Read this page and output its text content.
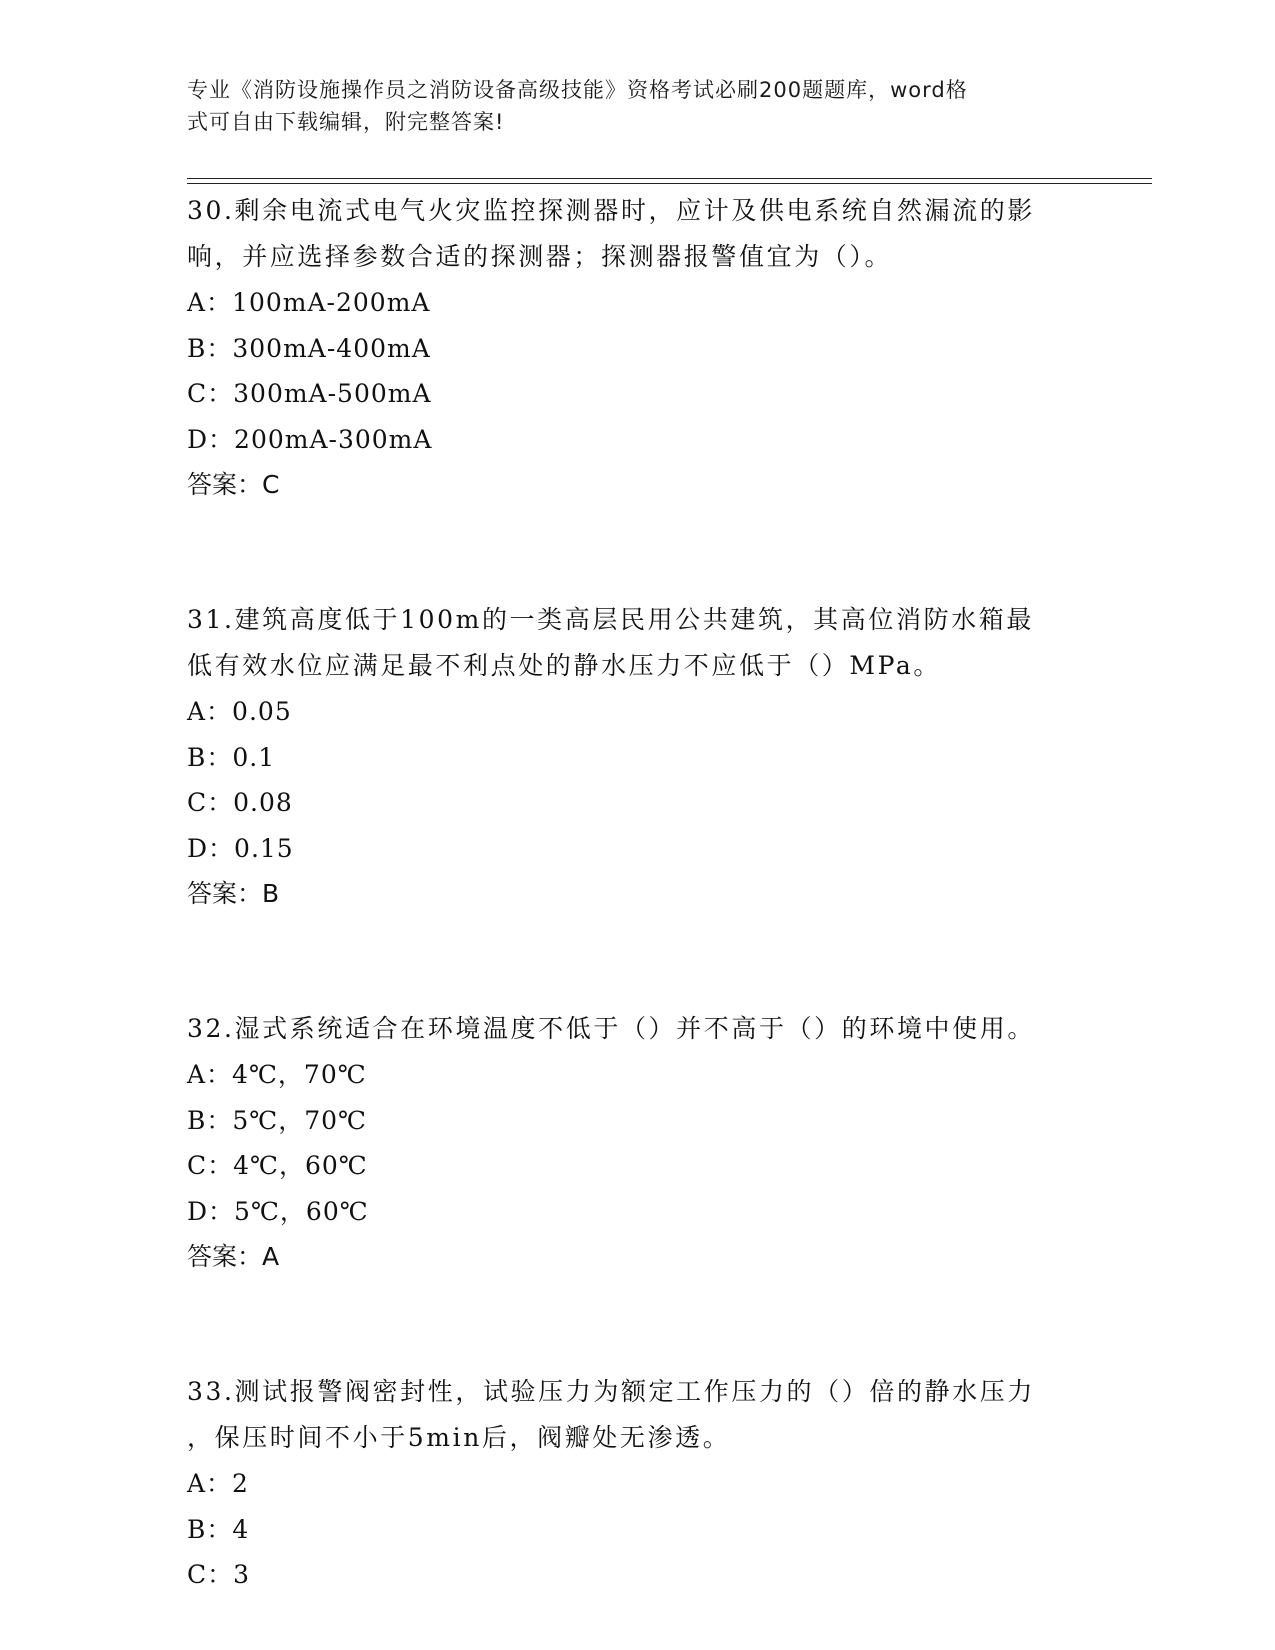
专业《消防设施操作员之消防设备高级技能》资格考试必刷200题题库，word格
式可自由下载编辑，附完整答案!

30.剩余电流式电气火灾监控探测器时，应计及供电系统自然漏流的影

响，并应选择参数合适的探测器；探测器报警值宜为（）。

A：100mA-200mA

B：300mA-400mA

C：300mA-500mA

D：200mA-300mA

答案：C

31.建筑高度低于100m的一类高层民用公共建筑，其高位消防水箱最

低有效水位应满足最不利点处的静水压力不应低于（）MPa。

A：0.05

B：0.1

C：0.08

D：0.15

答案：B

32.湿式系统适合在环境温度不低于（）并不高于（）的环境中使用。

A：4℃，70℃

B：5℃，70℃

C：4℃，60℃

D：5℃，60℃

答案：A

33.测试报警阀密封性，试验压力为额定工作压力的（）倍的静水压力

，保压时间不小于5min后，阀瓣处无渗透。

A：2

B：4

C：3
